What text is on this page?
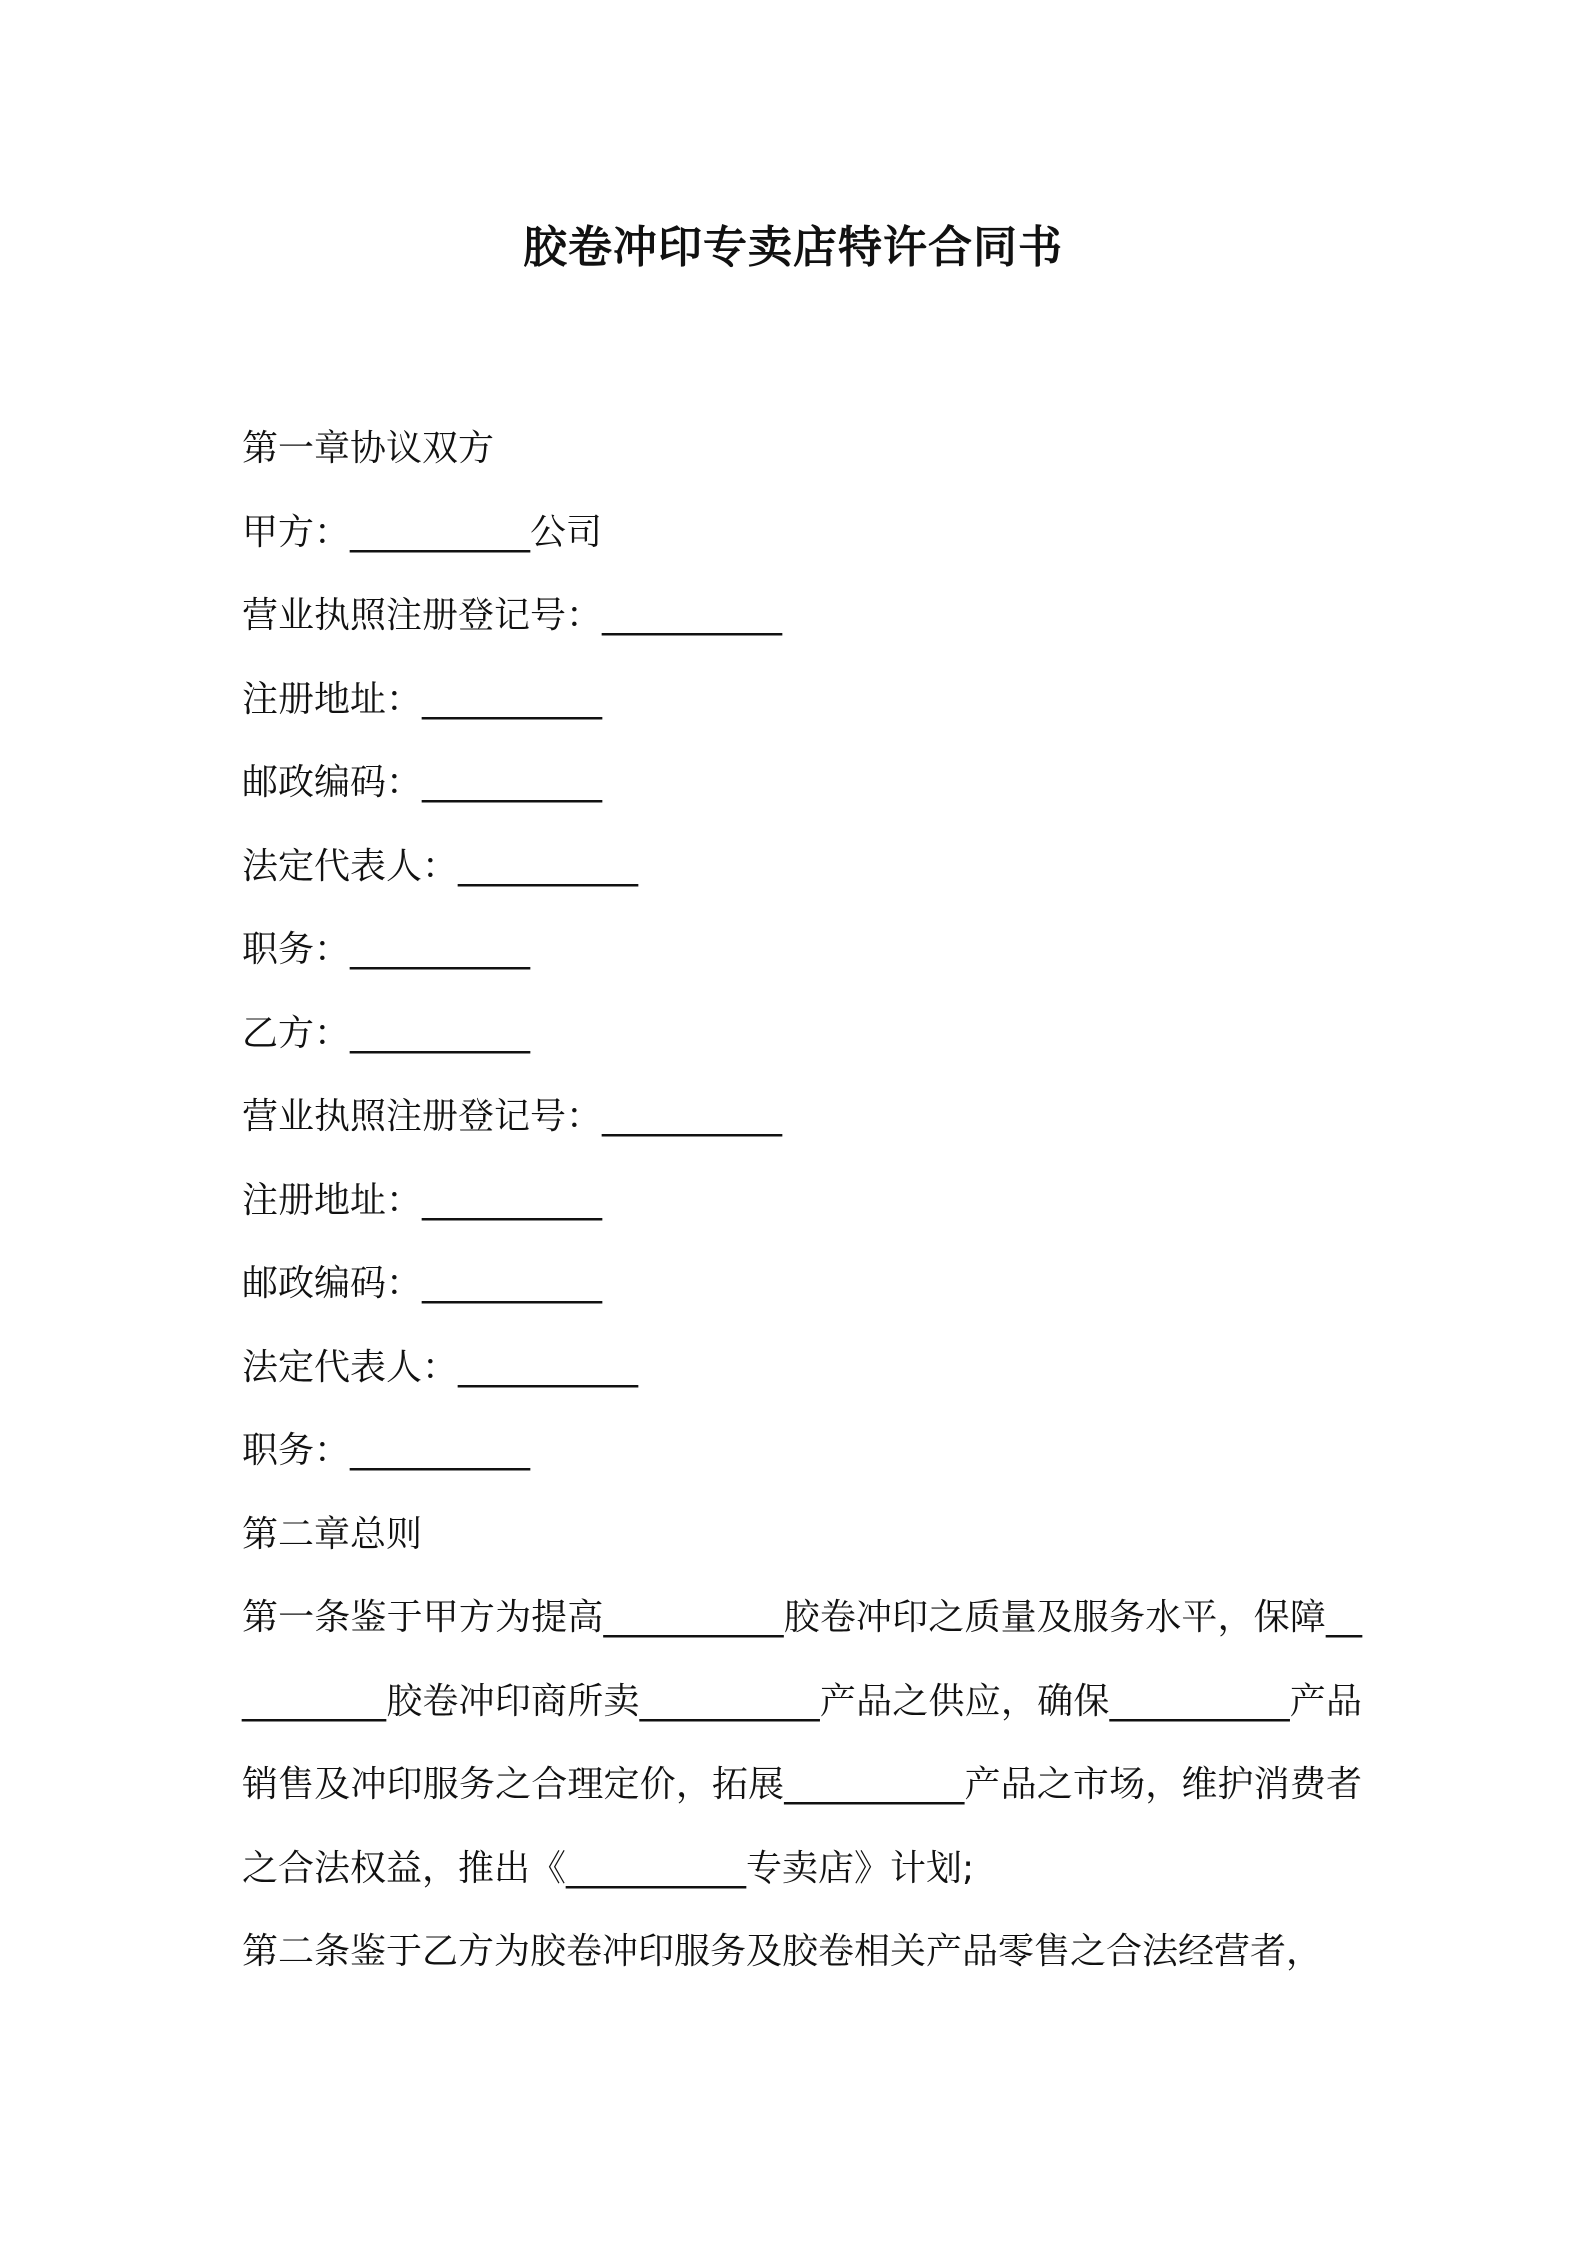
胶卷冲印专卖店特许合同书

第一章协议双方

甲方：__________公司

营业执照注册登记号：__________

注册地址：__________

邮政编码：__________

法定代表人：__________

职务：__________

乙方：__________

营业执照注册登记号：__________

注册地址：__________

邮政编码：__________

法定代表人：__________

职务：__________

第二章总则

第一条鉴于甲方为提高__________胶卷冲印之质量及服务水平，保障__________胶卷冲印商所卖__________产品之供应，确保__________产品销售及冲印服务之合理定价，拓展__________产品之市场，维护消费者之合法权益，推出《__________专卖店》计划;

第二条鉴于乙方为胶卷冲印服务及胶卷相关产品零售之合法经营者，
